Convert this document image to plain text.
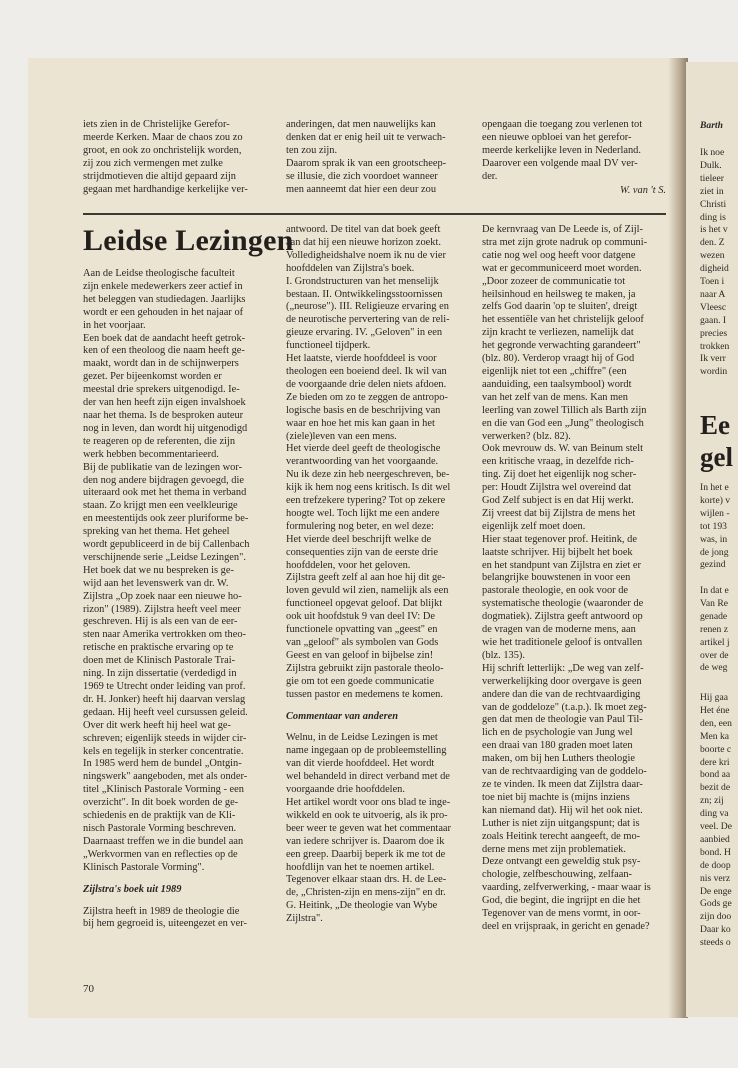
Barth
Ik noe
Dulk.
tieleer
ziet in
Christi
ding is
is het v
den. Z
wezen
digheid
Toen i
naar A
Vleesc
gaan. I
precies
trokken
Ik verr
wordin
Ee
gel
In het e
korte) v
wijlen -
tot 193
was, in
de jong
gezind
In dat e
Van Re
genade
renen z
artikel j
over de
de weg
Hij gaa
Het éne
den, een
Men ka
boorte c
dere kri
bond aa
bezit de
zn; zij
ding va
veel. De
aanbied
bond. H
de doop
nis verz
De enge
Gods ge
zijn doo
Daar ko
steeds o

iets zien in de Christelijke Gerefor-

meerde Kerken. Maar de chaos zou zo

groot, en ook zo onchristelijk worden,

zij zou zich vermengen met zulke

strijdmotieven die altijd gepaard zijn

gegaan met hardhandige kerkelijke ver-

anderingen, dat men nauwelijks kan

denken dat er enig heil uit te verwach-

ten zou zijn.

Daarom sprak ik van een grootscheep-

se illusie, die zich voordoet wanneer

men aanneemt dat hier een deur zou

opengaan die toegang zou verlenen tot

een nieuwe opbloei van het gerefor-

meerde kerkelijke leven in Nederland.

Daarover een volgende maal DV ver-

der.

W. van 't S.
Leidse Lezingen

Aan de Leidse theologische faculteit

zijn enkele medewerkers zeer actief in

het beleggen van studiedagen. Jaarlijks

wordt er een gehouden in het najaar of

in het voorjaar.

Een boek dat de aandacht heeft getrok-

ken of een theoloog die naam heeft ge-

maakt, wordt dan in de schijnwerpers

gezet. Per bijeenkomst worden er

meestal drie sprekers uitgenodigd. Ie-

der van hen heeft zijn eigen invalshoek

naar het thema. Is de besproken auteur

nog in leven, dan wordt hij uitgenodigd

te reageren op de referenten, die zijn

werk hebben becommentarieerd.

Bij de publikatie van de lezingen wor-

den nog andere bijdragen gevoegd, die

uiteraard ook met het thema in verband

staan. Zo krijgt men een veelkleurige

en meestentijds ook zeer pluriforme be-

spreking van het thema. Het geheel

wordt gepubliceerd in de bij Callenbach

verschijnende serie „Leidse Lezingen".

Het boek dat we nu bespreken is ge-

wijd aan het levenswerk van dr. W.

Zijlstra „Op zoek naar een nieuwe ho-

rizon" (1989). Zijlstra heeft veel meer

geschreven. Hij is als een van de eer-

sten naar Amerika vertrokken om theo-

retische en praktische ervaring op te

doen met de Klinisch Pastorale Trai-

ning. In zijn dissertatie (verdedigd in

1969 te Utrecht onder leiding van prof.

dr. H. Jonker) heeft hij daarvan verslag

gedaan. Hij heeft veel cursussen geleid.

Over dit werk heeft hij heel wat ge-

schreven; eigenlijk steeds in wijder cir-

kels en tegelijk in sterker concentratie.

In 1985 werd hem de bundel „Ontgin-

ningswerk" aangeboden, met als onder-

titel „Klinisch Pastorale Vorming - een

overzicht". In dit boek worden de ge-

schiedenis en de praktijk van de Kli-

nisch Pastorale Vorming beschreven.

Daarnaast treffen we in die bundel aan

„Werkvormen van en reflecties op de

Klinisch Pastorale Vorming".

Zijlstra's boek uit 1989

Zijlstra heeft in 1989 de theologie die

bij hem gegroeid is, uiteengezet en ver-

antwoord. De titel van dat boek geeft

aan dat hij een nieuwe horizon zoekt.

Volledigheidshalve noem ik nu de vier

hoofddelen van Zijlstra's boek.

I. Grondstructuren van het menselijk

bestaan. II. Ontwikkelingsstoornissen

(„neurose"). III. Religieuze ervaring en

de neurotische pervertering van de reli-

gieuze ervaring. IV. „Geloven" in een

functioneel tijdperk.

Het laatste, vierde hoofddeel is voor

theologen een boeiend deel. Ik wil van

de voorgaande drie delen niets afdoen.

Ze bieden om zo te zeggen de antropo-

logische basis en de beschrijving van

waar en hoe het mis kan gaan in het

(ziele)leven van een mens.

Het vierde deel geeft de theologische

verantwoording van het voorgaande.

Nu ik deze zin heb neergeschreven, be-

kijk ik hem nog eens kritisch. Is dit wel

een trefzekere typering? Tot op zekere

hoogte wel. Toch lijkt me een andere

formulering nog beter, en wel deze:

Het vierde deel beschrijft welke de

consequenties zijn van de eerste drie

hoofddelen, voor het geloven.

Zijlstra geeft zelf al aan hoe hij dit ge-

loven gevuld wil zien, namelijk als een

functioneel opgevat geloof. Dat blijkt

ook uit hoofdstuk 9 van deel IV: De

functionele opvatting van „geest" en

van „geloof" als symbolen van Gods

Geest en van geloof in bijbelse zin!

Zijlstra gebruikt zijn pastorale theolo-

gie om tot een goede communicatie

tussen pastor en medemens te komen.

Commentaar van anderen

Welnu, in de Leidse Lezingen is met

name ingegaan op de probleemstelling

van dit vierde hoofddeel. Het wordt

wel behandeld in direct verband met de

voorgaande drie hoofddelen.

Het artikel wordt voor ons blad te inge-

wikkeld en ook te uitvoerig, als ik pro-

beer weer te geven wat het commentaar

van iedere schrijver is. Daarom doe ik

een greep. Daarbij beperk ik me tot de

hoofdlijn van het te noemen artikel.

Tegenover elkaar staan drs. H. de Lee-

de, „Christen-zijn en mens-zijn" en dr.

G. Heitink, „De theologie van Wybe

Zijlstra".

De kernvraag van De Leede is, of Zijl-

stra met zijn grote nadruk op communi-

catie nog wel oog heeft voor datgene

wat er gecommuniceerd moet worden.

„Door zozeer de communicatie tot

heilsinhoud en heilsweg te maken, ja

zelfs God daarin 'op te sluiten', dreigt

het essentiële van het christelijk geloof

zijn kracht te verliezen, namelijk dat

het gegronde verwachting garandeert"

(blz. 80). Verderop vraagt hij of God

eigenlijk niet tot een „chiffre" (een

aanduiding, een taalsymbool) wordt

van het zelf van de mens. Kan men

leerling van zowel Tillich als Barth zijn

en die van God een „Jung" theologisch

verwerken? (blz. 82).

Ook mevrouw ds. W. van Beinum stelt

een kritische vraag, in dezelfde rich-

ting. Zij doet het eigenlijk nog scher-

per: Houdt Zijlstra wel overeind dat

God Zelf subject is en dat Hij werkt.

Zij vreest dat bij Zijlstra de mens het

eigenlijk zelf moet doen.

Hier staat tegenover prof. Heitink, de

laatste schrijver. Hij bijbelt het boek

en het standpunt van Zijlstra en ziet er

belangrijke bouwstenen in voor een

pastorale theologie, en ook voor de

systematische theologie (waaronder de

dogmatiek). Zijlstra geeft antwoord op

de vragen van de moderne mens, aan

wie het traditionele geloof is ontvallen

(blz. 135).

Hij schrift letterlijk: „De weg van zelf-

verwerkelijking door overgave is geen

andere dan die van de rechtvaardiging

van de goddeloze" (t.a.p.). Ik moet zeg-

gen dat men de theologie van Paul Til-

lich en de psychologie van Jung wel

een draai van 180 graden moet laten

maken, om bij hen Luthers theologie

van de rechtvaardiging van de goddelo-

ze te vinden. Ik meen dat Zijlstra daar-

toe niet bij machte is (mijns inziens

kan niemand dat). Hij wil het ook niet.

Luther is niet zijn uitgangspunt; dat is

zoals Heitink terecht aangeeft, de mo-

derne mens met zijn problematiek.

Deze ontvangt een geweldig stuk psy-

chologie, zelfbeschouwing, zelfaan-

vaarding, zelfverwerking, - maar waar is

God, die begint, die ingrijpt en die het

Tegenover van de mens vormt, in oor-

deel en vrijspraak, in gericht en genade?

70
